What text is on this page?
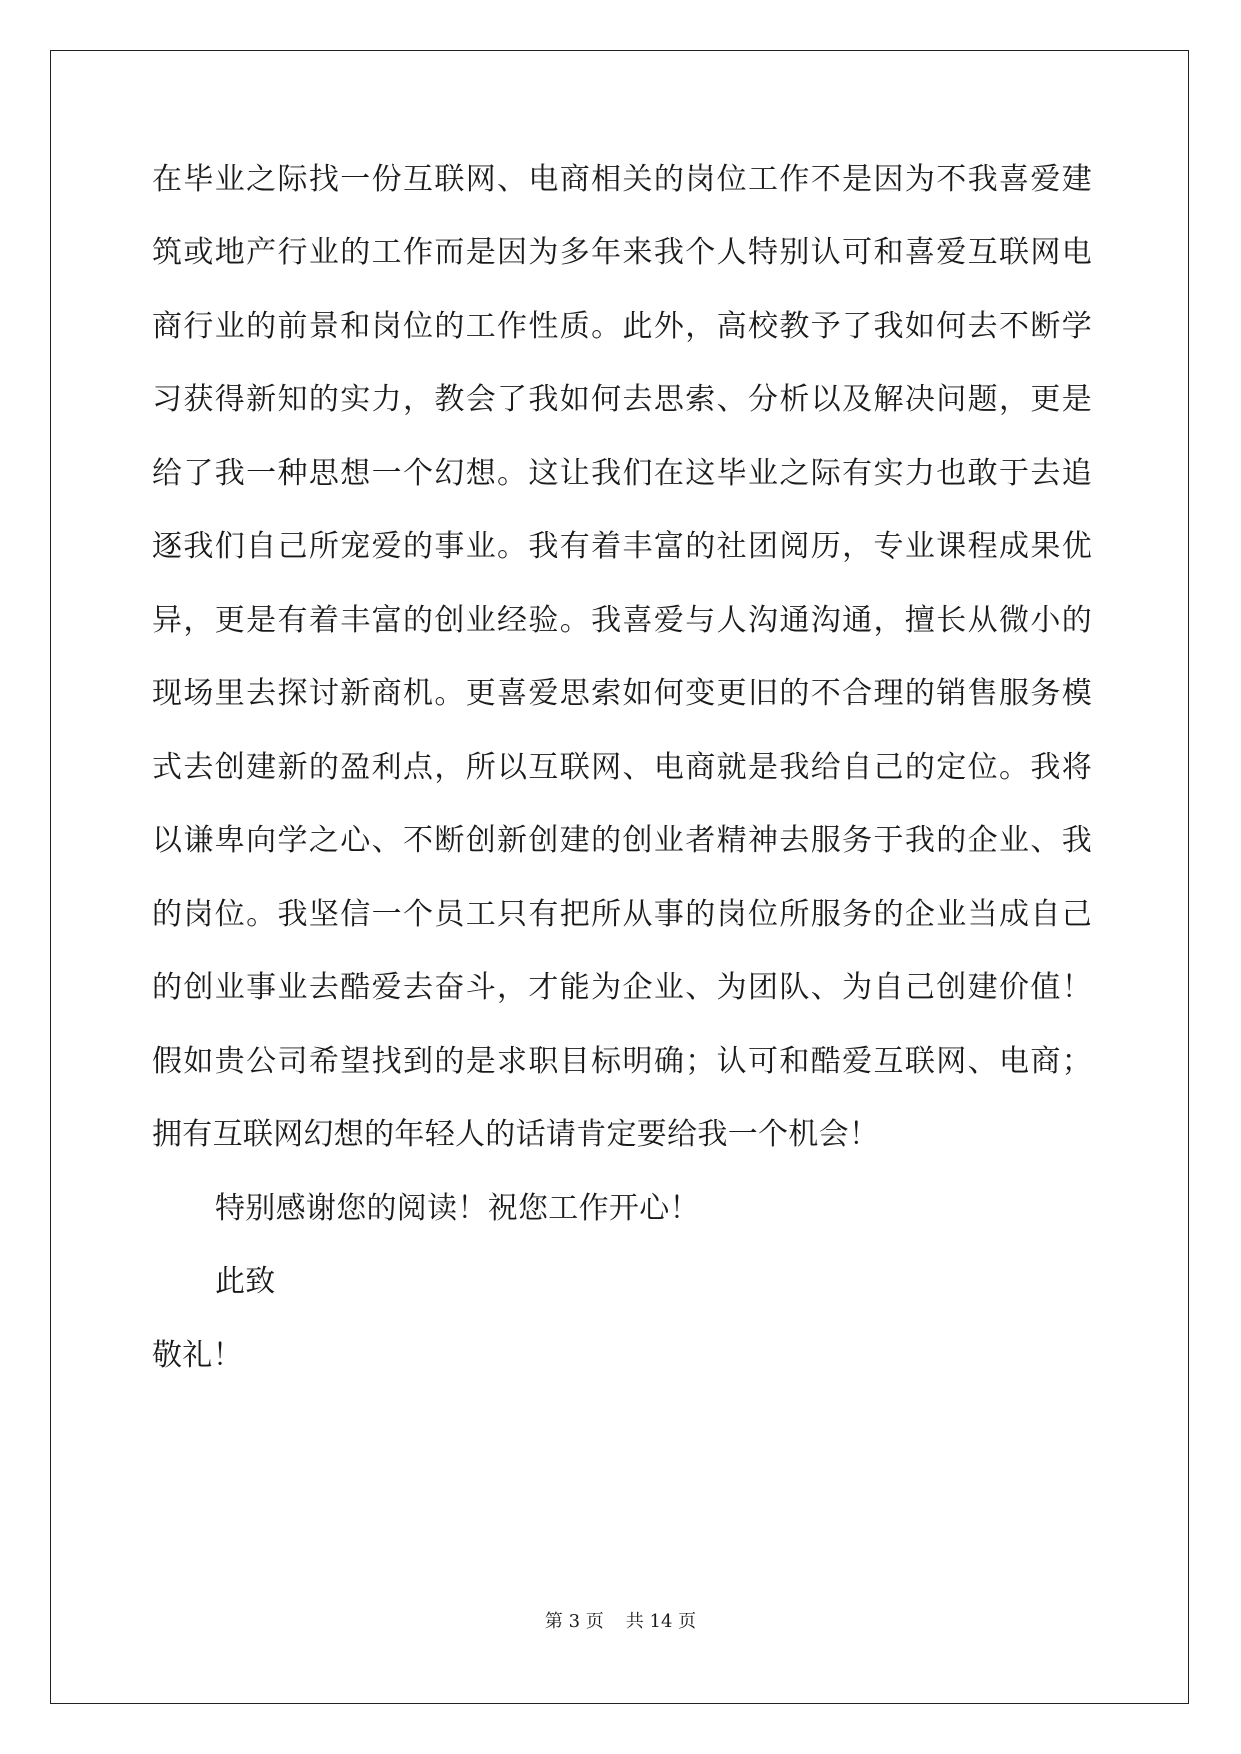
在毕业之际找一份互联网、电商相关的岗位工作不是因为不我喜爱建
筑或地产行业的工作而是因为多年来我个人特别认可和喜爱互联网电
商行业的前景和岗位的工作性质。此外，高校教予了我如何去不断学
习获得新知的实力，教会了我如何去思索、分析以及解决问题，更是
给了我一种思想一个幻想。这让我们在这毕业之际有实力也敢于去追
逐我们自己所宠爱的事业。我有着丰富的社团阅历，专业课程成果优
异，更是有着丰富的创业经验。我喜爱与人沟通沟通，擅长从微小的
现场里去探讨新商机。更喜爱思索如何变更旧的不合理的销售服务模
式去创建新的盈利点，所以互联网、电商就是我给自己的定位。我将
以谦卑向学之心、不断创新创建的创业者精神去服务于我的企业、我
的岗位。我坚信一个员工只有把所从事的岗位所服务的企业当成自己
的创业事业去酷爱去奋斗，才能为企业、为团队、为自己创建价值！
假如贵公司希望找到的是求职目标明确；认可和酷爱互联网、电商；
拥有互联网幻想的年轻人的话请肯定要给我一个机会！
特别感谢您的阅读！祝您工作开心！
此致
敬礼！
第 3 页 共 14 页
